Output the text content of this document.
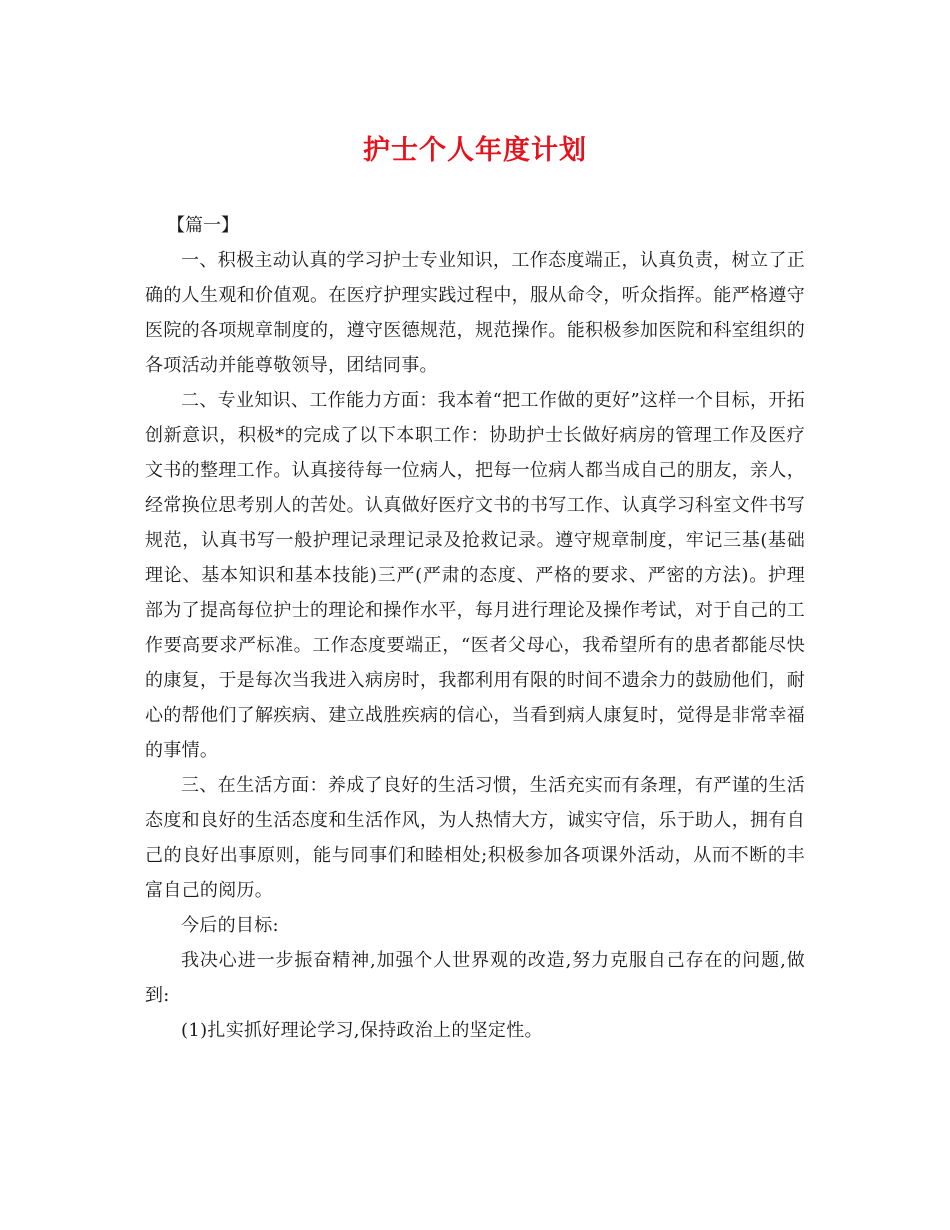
护士个人年度计划

【篇一】

一、积极主动认真的学习护士专业知识，工作态度端正，认真负责，树立了正确的人生观和价值观。在医疗护理实践过程中，服从命令，听众指挥。能严格遵守医院的各项规章制度的，遵守医德规范，规范操作。能积极参加医院和科室组织的各项活动并能尊敬领导，团结同事。

二、专业知识、工作能力方面：我本着“把工作做的更好”这样一个目标，开拓创新意识，积极*的完成了以下本职工作：协助护士长做好病房的管理工作及医疗文书的整理工作。认真接待每一位病人，把每一位病人都当成自己的朋友，亲人，经常换位思考别人的苦处。认真做好医疗文书的书写工作、认真学习科室文件书写规范，认真书写一般护理记录理记录及抢救记录。遵守规章制度，牢记三基(基础理论、基本知识和基本技能)三严(严肃的态度、严格的要求、严密的方法)。护理部为了提高每位护士的理论和操作水平，每月进行理论及操作考试，对于自己的工作要高要求严标准。工作态度要端正，“医者父母心，我希望所有的患者都能尽快的康复，于是每次当我进入病房时，我都利用有限的时间不遗余力的鼓励他们，耐心的帮他们了解疾病、建立战胜疾病的信心，当看到病人康复时，觉得是非常幸福的事情。

三、在生活方面：养成了良好的生活习惯，生活充实而有条理，有严谨的生活态度和良好的生活态度和生活作风，为人热情大方，诚实守信，乐于助人，拥有自己的良好出事原则，能与同事们和睦相处;积极参加各项课外活动，从而不断的丰富自己的阅历。

今后的目标:

我决心进一步振奋精神,加强个人世界观的改造,努力克服自己存在的问题,做到:

(1)扎实抓好理论学习,保持政治上的坚定性。
